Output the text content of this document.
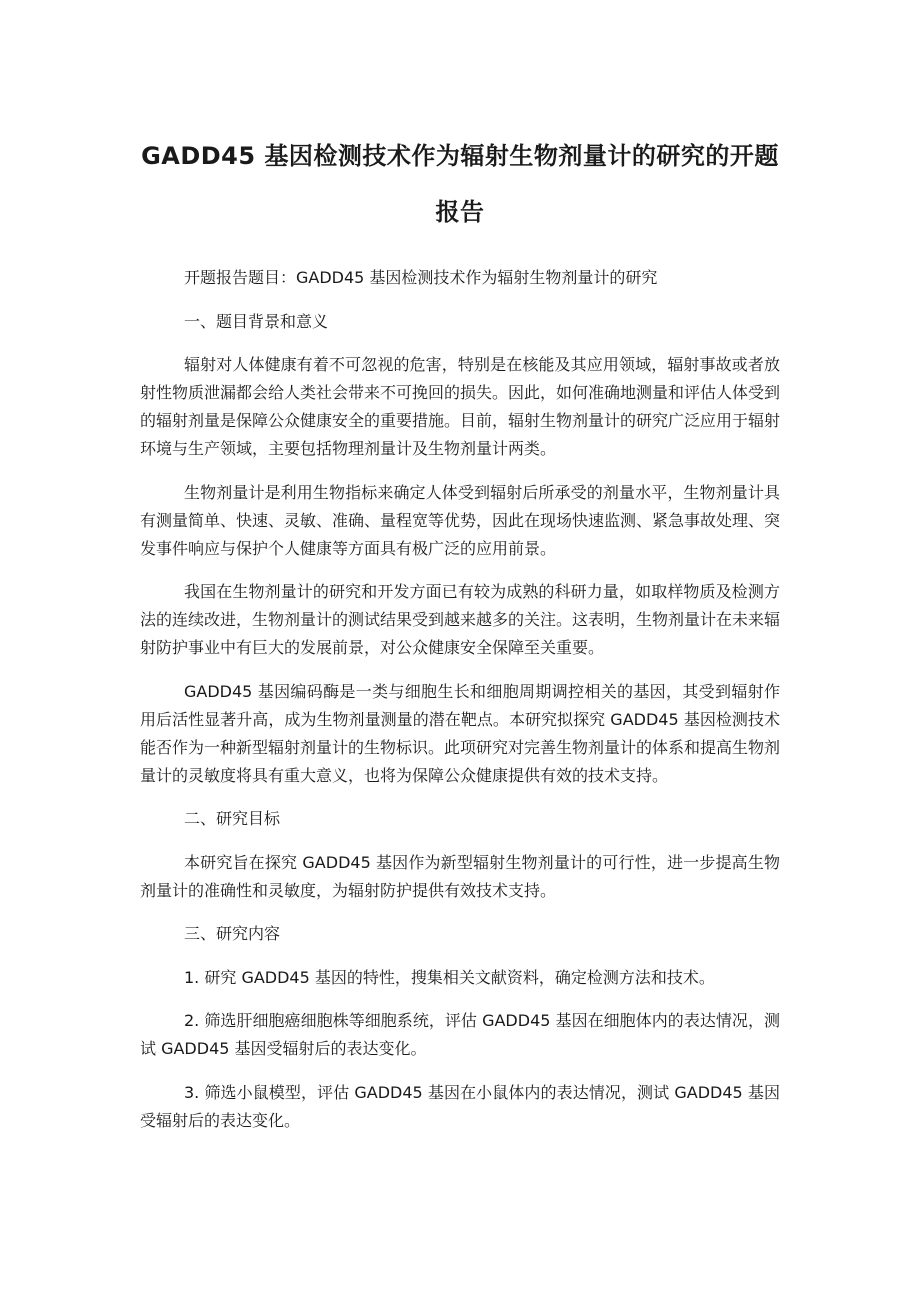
GADD45 基因检测技术作为辐射生物剂量计的研究的开题报告

开题报告题目：GADD45 基因检测技术作为辐射生物剂量计的研究

一、题目背景和意义

辐射对人体健康有着不可忽视的危害，特别是在核能及其应用领域，辐射事故或者放射性物质泄漏都会给人类社会带来不可挽回的损失。因此，如何准确地测量和评估人体受到的辐射剂量是保障公众健康安全的重要措施。目前，辐射生物剂量计的研究广泛应用于辐射环境与生产领域，主要包括物理剂量计及生物剂量计两类。

生物剂量计是利用生物指标来确定人体受到辐射后所承受的剂量水平，生物剂量计具有测量简单、快速、灵敏、准确、量程宽等优势，因此在现场快速监测、紧急事故处理、突发事件响应与保护个人健康等方面具有极广泛的应用前景。

我国在生物剂量计的研究和开发方面已有较为成熟的科研力量，如取样物质及检测方法的连续改进，生物剂量计的测试结果受到越来越多的关注。这表明，生物剂量计在未来辐射防护事业中有巨大的发展前景，对公众健康安全保障至关重要。

GADD45 基因编码酶是一类与细胞生长和细胞周期调控相关的基因，其受到辐射作用后活性显著升高，成为生物剂量测量的潜在靶点。本研究拟探究 GADD45 基因检测技术能否作为一种新型辐射剂量计的生物标识。此项研究对完善生物剂量计的体系和提高生物剂量计的灵敏度将具有重大意义，也将为保障公众健康提供有效的技术支持。

二、研究目标

本研究旨在探究 GADD45 基因作为新型辐射生物剂量计的可行性，进一步提高生物剂量计的准确性和灵敏度，为辐射防护提供有效技术支持。

三、研究内容

1. 研究 GADD45 基因的特性，搜集相关文献资料，确定检测方法和技术。

2. 筛选肝细胞癌细胞株等细胞系统，评估 GADD45 基因在细胞体内的表达情况，测试 GADD45 基因受辐射后的表达变化。

3. 筛选小鼠模型，评估 GADD45 基因在小鼠体内的表达情况，测试 GADD45 基因受辐射后的表达变化。
